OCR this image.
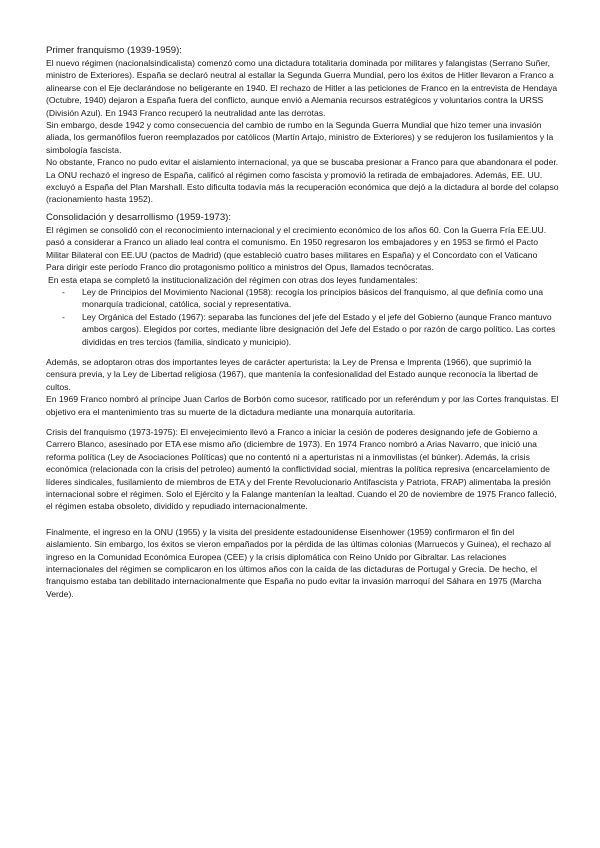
Primer franquismo (1939-1959):

El nuevo régimen (nacionalsindicalista) comenzó como una dictadura totalitaria dominada por militares y falangistas (Serrano Suñer, ministro de Exteriores). España se declaró neutral al estallar la Segunda Guerra Mundial, pero los éxitos de Hitler llevaron a Franco a alinearse con el Eje declarándose no beligerante en 1940. El rechazo de Hitler a las peticiones de Franco en la entrevista de Hendaya (Octubre, 1940) dejaron a España fuera del conflicto, aunque envió a Alemania recursos estratégicos y voluntarios contra la URSS (División Azul). En 1943 Franco recuperó la neutralidad ante las derrotas.

Sin embargo, desde 1942 y como consecuencia del cambio de rumbo en la Segunda Guerra Mundial que hizo temer una invasión aliada, los germanófilos fueron reemplazados por católicos (Martín Artajo, ministro de Exteriores) y se redujeron los fusilamientos y la simbología fascista.

No obstante, Franco no pudo evitar el aislamiento internacional, ya que se buscaba presionar a Franco para que abandonara el poder. La ONU rechazó el ingreso de España, calificó al régimen como fascista y promovió la retirada de embajadores. Además, EE. UU. excluyó a España del Plan Marshall. Esto dificulta todavía más la recuperación económica que dejó a la dictadura al borde del colapso (racionamiento hasta 1952).

Consolidación y desarrollismo (1959-1973):

El régimen se consolidó con el reconocimiento internacional y el crecimiento económico de los años 60. Con la Guerra Fría EE.UU. pasó a considerar a Franco un aliado leal contra el comunismo. En 1950 regresaron los embajadores y en 1953 se firmó el Pacto Militar Bilateral con EE.UU (pactos de Madrid) (que estableció cuatro bases militares en España) y el Concordato con el Vaticano

Para dirigir este período Franco dio protagonismo político a ministros del Opus, llamados tecnócratas.

En esta etapa se completó la institucionalización del régimen con otras dos leyes fundamentales:

- Ley de Principios del Movimiento Nacional (1958): recogía los principios básicos del franquismo, al que definía como una monarquía tradicional, católica, social y representativa.
- Ley Orgánica del Estado (1967): separaba las funciones del jefe del Estado y el jefe del Gobierno (aunque Franco mantuvo ambos cargos). Elegidos por cortes, mediante libre designación del Jefe del Estado o por razón de cargo político. Las cortes divididas en tres tercios (familia, sindicato y municipio).

Además, se adoptaron otras dos importantes leyes de carácter aperturista: la Ley de Prensa e Imprenta (1966), que suprimió la censura previa, y la Ley de Libertad religiosa (1967), que mantenía la confesionalidad del Estado aunque reconocía la libertad de cultos.

En 1969 Franco nombró al príncipe Juan Carlos de Borbón como sucesor, ratificado por un referéndum y por las Cortes franquistas. El objetivo era el mantenimiento tras su muerte de la dictadura mediante una monarquía autoritaria.

Crisis del franquismo (1973-1975): El envejecimiento llevó a Franco a iniciar la cesión de poderes designando jefe de Gobierno a Carrero Blanco, asesinado por ETA ese mismo año (diciembre de 1973). En 1974 Franco nombró a Arias Navarro, que inició una reforma política (Ley de Asociaciones Políticas) que no contentó ni a aperturistas ni a inmovilistas (el búnker). Además, la crisis económica (relacionada con la crisis del petroleo) aumentó la conflictividad social, mientras la política represiva (encarcelamiento de líderes sindicales, fusilamiento de miembros de ETA y del Frente Revolucionario Antifascista y Patriota, FRAP) alimentaba la presión internacional sobre el régimen. Solo el Ejército y la Falange mantenían la lealtad. Cuando el 20 de noviembre de 1975 Franco falleció, el régimen estaba obsoleto, dividido y repudiado internacionalmente.

Finalmente, el ingreso en la ONU (1955) y la visita del presidente estadounidense Eisenhower (1959) confirmaron el fin del aislamiento. Sin embargo, los éxitos se vieron empañados por la pérdida de las últimas colonias (Marruecos y Guinea), el rechazo al ingreso en la Comunidad Económica Europea (CEE) y la crisis diplomática con Reino Unido por Gibraltar. Las relaciones internacionales del régimen se complicaron en los últimos años con la caída de las dictaduras de Portugal y Grecia. De hecho, el franquismo estaba tan debilitado internacionalmente que España no pudo evitar la invasión marroquí del Sáhara en 1975 (Marcha Verde).
